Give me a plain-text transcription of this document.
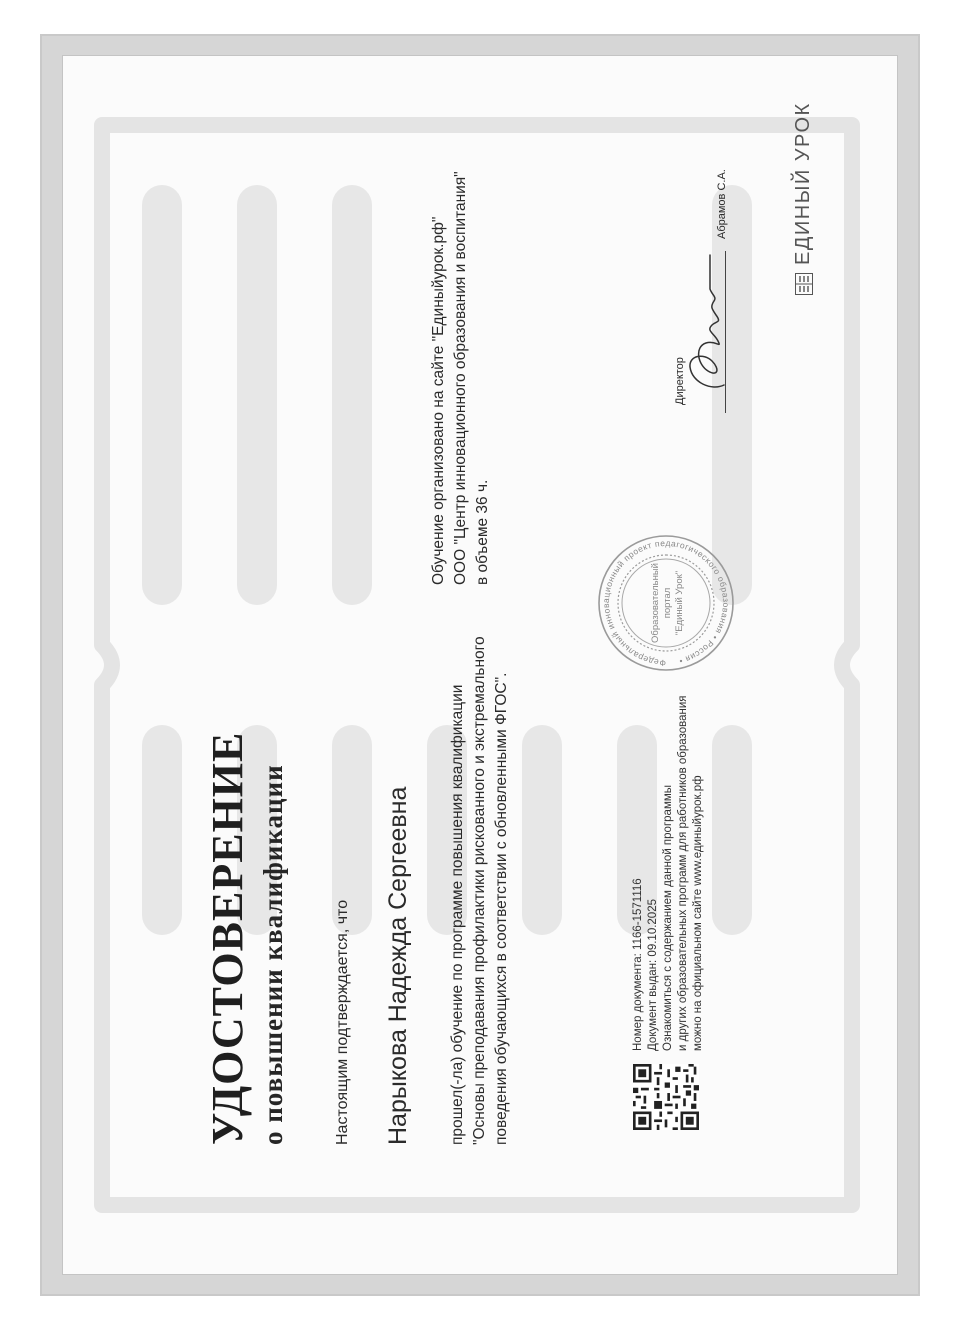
УДОСТОВЕРЕНИЕ о повышении квалификации	Настоящим подтверждается, что Нарыкова Надежда Сергеевна прошел(-ла) обучение по программе повышения квалификации "Основы преподавания профилактики рискованного и экстремального поведения обучающихся в соответствии с обновленными ФГОС".
Обучение организовано на сайте "Единыйурок.рф" ООО "Центр инновационного образования и воспитания" в объеме 36 ч.
Номер документа: 1166-1571116 Документ выдан: 09.10.2025 Ознакомиться с содержанием данной программы и других образовательных программ для работников образования можно на официальном сайте www.единыйурок.рф
Федеральный инновационный проект педагогического образования • Россия •
Образовательный портал "Единый Урок"
Директор
Абрамов С.А.	ЕДИНЫЙ УРОК
